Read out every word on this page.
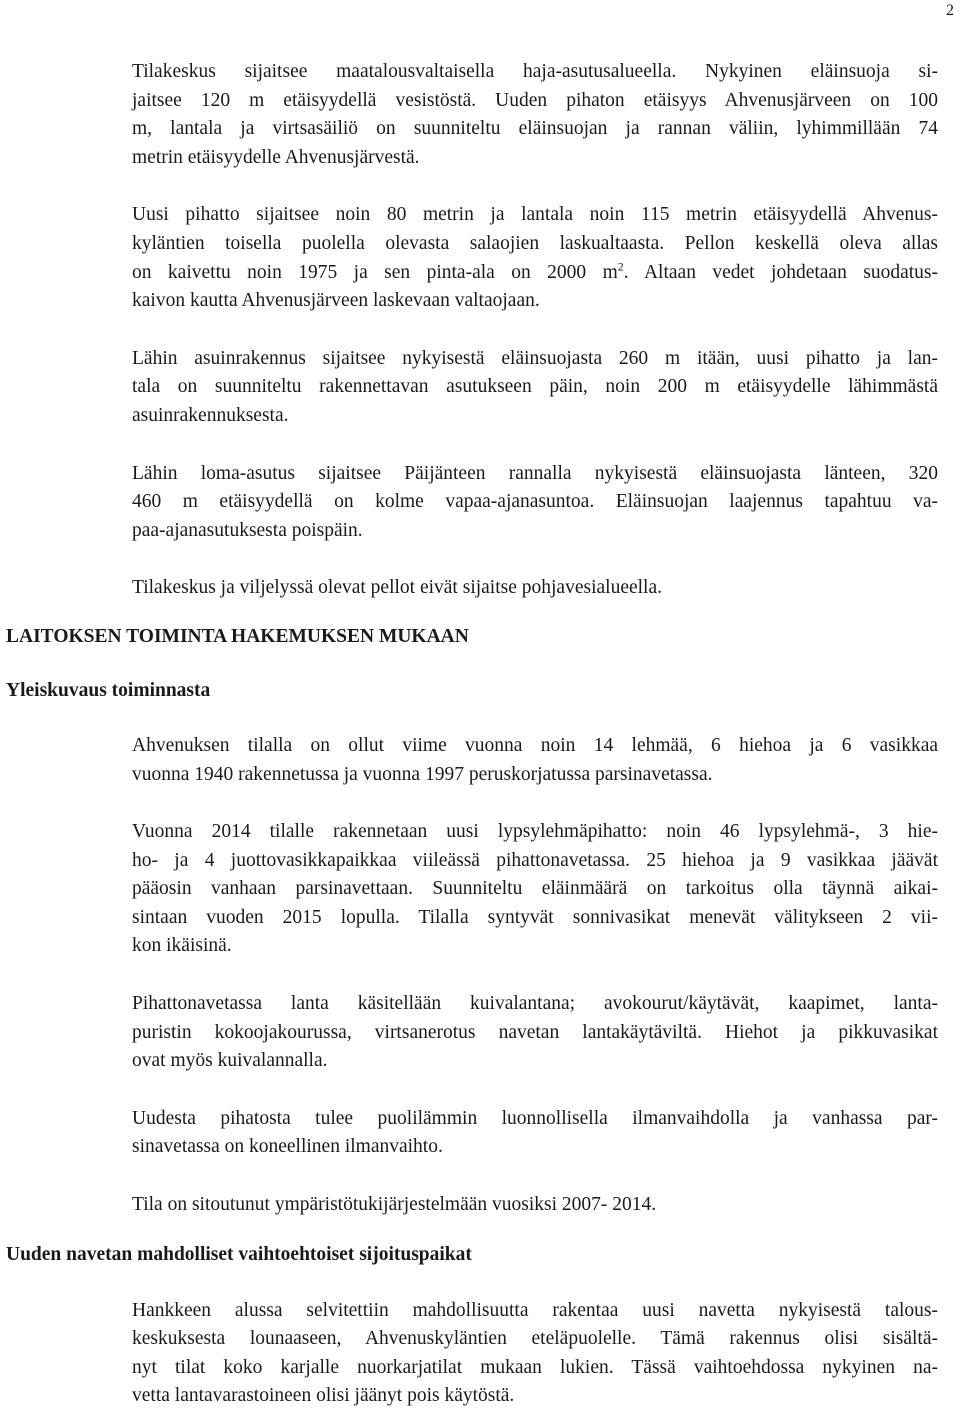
2

Tilakeskus sijaitsee maatalousvaltaisella haja-asutusalueella. Nykyinen eläinsuoja si-
jaitsee 120 m etäisyydellä vesistöstä. Uuden pihaton etäisyys Ahvenusjärveen on 100
m, lantala ja virtsasäiliö on suunniteltu eläinsuojan ja rannan väliin, lyhimmillään 74
metrin etäisyydelle Ahvenusjärvestä.

Uusi pihatto sijaitsee noin 80 metrin ja lantala noin 115 metrin etäisyydellä Ahvenus-
kyläntien toisella puolella olevasta salaojien laskualtaasta. Pellon keskellä oleva allas
on kaivettu noin 1975 ja sen pinta-ala on 2000 $m^2$. Altaan vedet johdetaan suodatus-
kaivon kautta Ahvenusjärveen laskevaan valtaojaan.

Lähin asuinrakennus sijaitsee nykyisestä eläinsuojasta 260 m itään, uusi pihatto ja lan-
tala on suunniteltu rakennettavan asutukseen päin, noin 200 m etäisyydelle lähimmästä
asuinrakennuksesta.

Lähin loma-asutus sijaitsee Päijänteen rannalla nykyisestä eläinsuojasta länteen, 320
460 m etäisyydellä on kolme vapaa-ajanasuntoa. Eläinsuojan laajennus tapahtuu va-
paa-ajanasutuksesta poispäin.

Tilakeskus ja viljelyssä olevat pellot eivät sijaitse pohjavesialueella.

LAITOKSEN TOIMINTA HAKEMUKSEN MUKAAN
Yleiskuvaus toiminnasta

Ahvenuksen tilalla on ollut viime vuonna noin 14 lehmää, 6 hiehoa ja 6 vasikkaa
vuonna 1940 rakennetussa ja vuonna 1997 peruskorjatussa parsinavetassa.

Vuonna 2014 tilalle rakennetaan uusi lypsylehmäpihatto: noin 46 lypsylehmä-, 3 hie-
ho- ja 4 juottovasikkapaikkaa viileässä pihattonavetassa. 25 hiehoa ja 9 vasikkaa jäävät
pääosin vanhaan parsinavettaan. Suunniteltu eläinmäärä on tarkoitus olla täynnä aikai-
sintaan vuoden 2015 lopulla. Tilalla syntyvät sonnivasikat menevät välitykseen 2 vii-
kon ikäisinä.

Pihattonavetassa lanta käsitellään kuivalantana; avokourut/käytävät, kaapimet, lanta-
puristin kokoojakourussa, virtsanerotus navetan lantakäytäviltä. Hiehot ja pikkuvasikat
ovat myös kuivalannalla.

Uudesta pihatosta tulee puolilämmin luonnollisella ilmanvaihdolla ja vanhassa par-
sinavetassa on koneellinen ilmanvaihto.

Tila on sitoutunut ympäristötukijärjestelmään vuosiksi 2007- 2014.

Uuden navetan mahdolliset vaihtoehtoiset sijoituspaikat

Hankkeen alussa selvitettiin mahdollisuutta rakentaa uusi navetta nykyisestä talous-
keskuksesta lounaaseen, Ahvenuskyläntien eteläpuolelle. Tämä rakennus olisi sisältä-
nyt tilat koko karjalle nuorkarjatilat mukaan lukien. Tässä vaihtoehdossa nykyinen na-
vetta lantavarastoineen olisi jäänyt pois käytöstä.
